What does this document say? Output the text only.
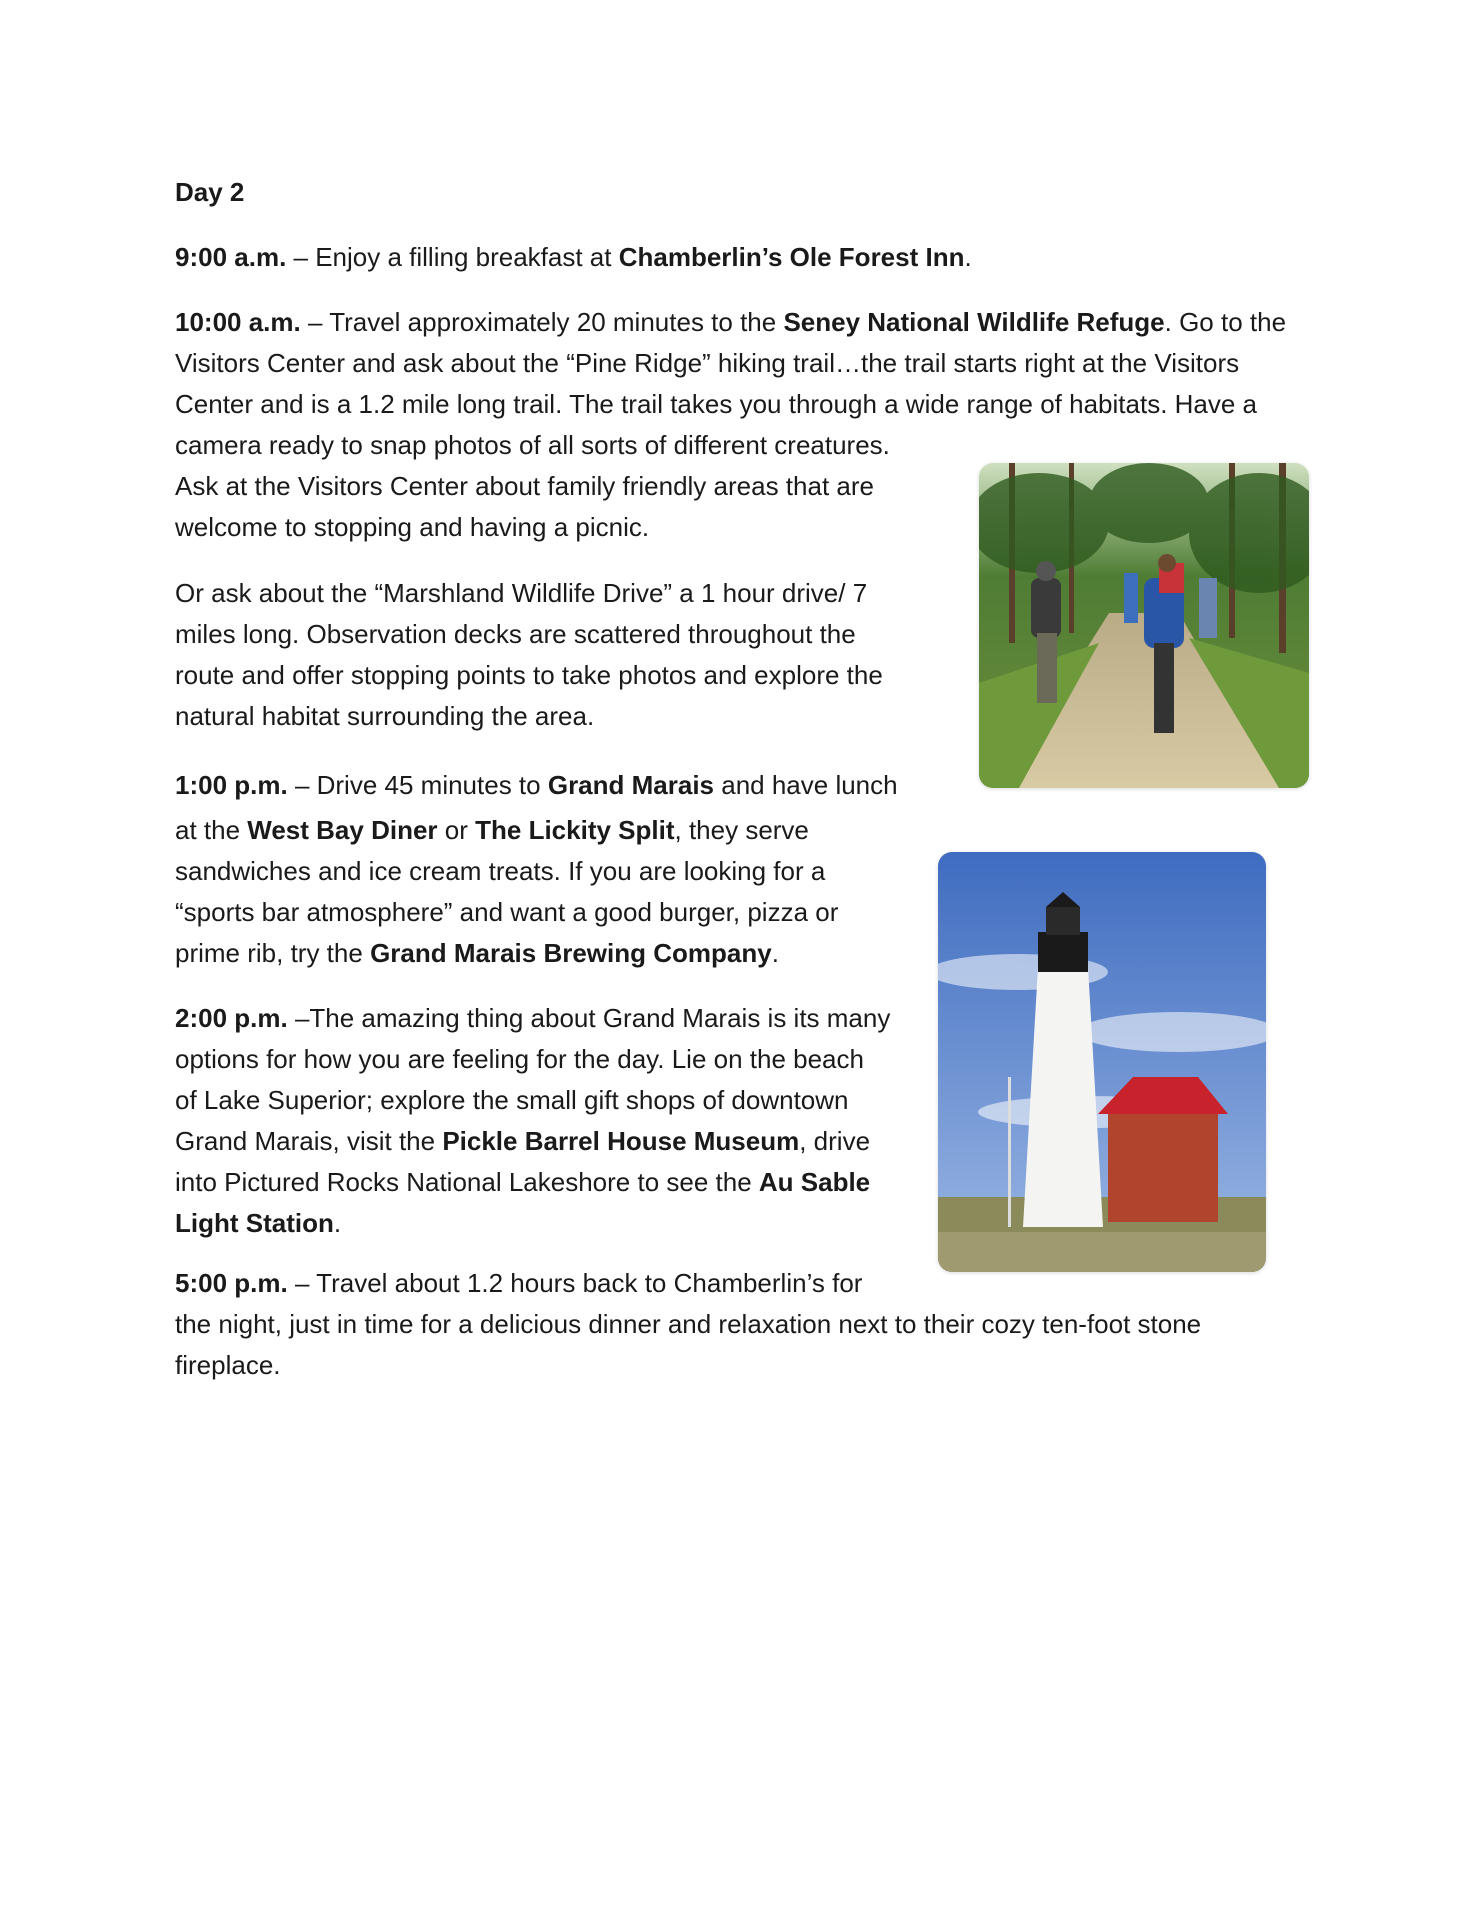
Day 2
9:00 a.m. – Enjoy a filling breakfast at Chamberlin’s Ole Forest Inn.
10:00 a.m. – Travel approximately 20 minutes to the Seney National Wildlife Refuge. Go to the
Visitors Center and ask about the “Pine Ridge” hiking trail…the trail starts right at the Visitors
Center and is a 1.2 mile long trail. The trail takes you through a wide range of habitats. Have a
camera ready to snap photos of all sorts of different creatures.
Ask at the Visitors Center about family friendly areas that are
welcome to stopping and having a picnic.
Or ask about the “Marshland Wildlife Drive” a 1 hour drive/ 7
miles long. Observation decks are scattered throughout the
route and offer stopping points to take photos and explore the
natural habitat surrounding the area.
1:00 p.m. – Drive 45 minutes to Grand Marais and have lunch
at the West Bay Diner or The Lickity Split, they serve
sandwiches and ice cream treats. If you are looking for a
“sports bar atmosphere” and want a good burger, pizza or
prime rib, try the Grand Marais Brewing Company.
2:00 p.m. –The amazing thing about Grand Marais is its many
options for how you are feeling for the day. Lie on the beach
of Lake Superior; explore the small gift shops of downtown
Grand Marais, visit the Pickle Barrel House Museum, drive
into Pictured Rocks National Lakeshore to see the Au Sable
Light Station.
5:00 p.m. – Travel about 1.2 hours back to Chamberlin’s for
the night, just in time for a delicious dinner and relaxation next to their cozy ten-foot stone
fireplace.
